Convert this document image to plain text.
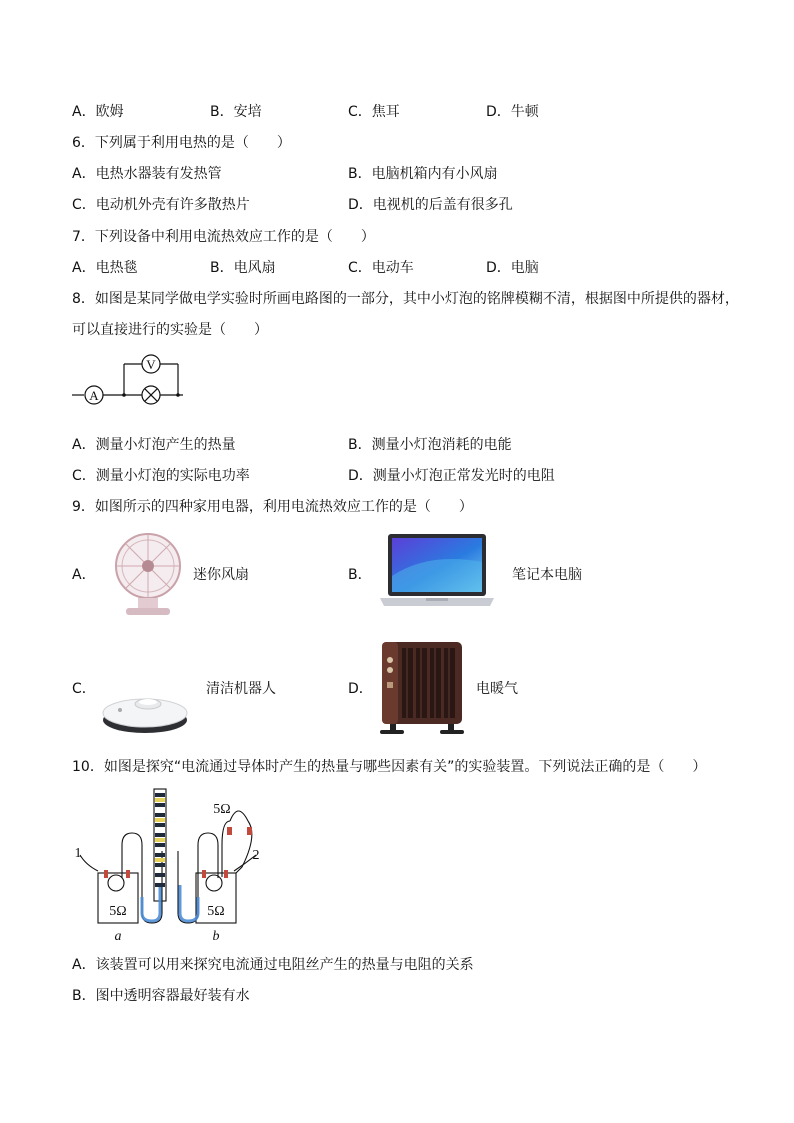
A．欧姆	B．安培	C．焦耳	D．牛顿
6．下列属于利用电热的是（　　）
A．电热水器装有发热管	B．电脑机箱内有小风扇
C．电动机外壳有许多散热片	D．电视机的后盖有很多孔
7．下列设备中利用电流热效应工作的是（　　）
A．电热毯	B．电风扇	C．电动车	D．电脑
8．如图是某同学做电学实验时所画电路图的一部分，其中小灯泡的铭牌模糊不清，根据图中所提供的器材，
可以直接进行的实验是（　　）
A
V
A．测量小灯泡产生的热量	B．测量小灯泡消耗的电能
C．测量小灯泡的实际电功率	D．测量小灯泡正常发光时的电阻
9．如图所示的四种家用电器，利用电流热效应工作的是（　　）
A．	迷你风扇	B．	笔记本电脑
C．	清洁机器人	D．	电暖气
10．如图是探究“电流通过导体时产生的热量与哪些因素有关”的实验装置。下列说法正确的是（　　）
5Ω
5Ω	5Ω
1	2
a	b
A．该装置可以用来探究电流通过电阻丝产生的热量与电阻的关系
B．图中透明容器最好装有水
